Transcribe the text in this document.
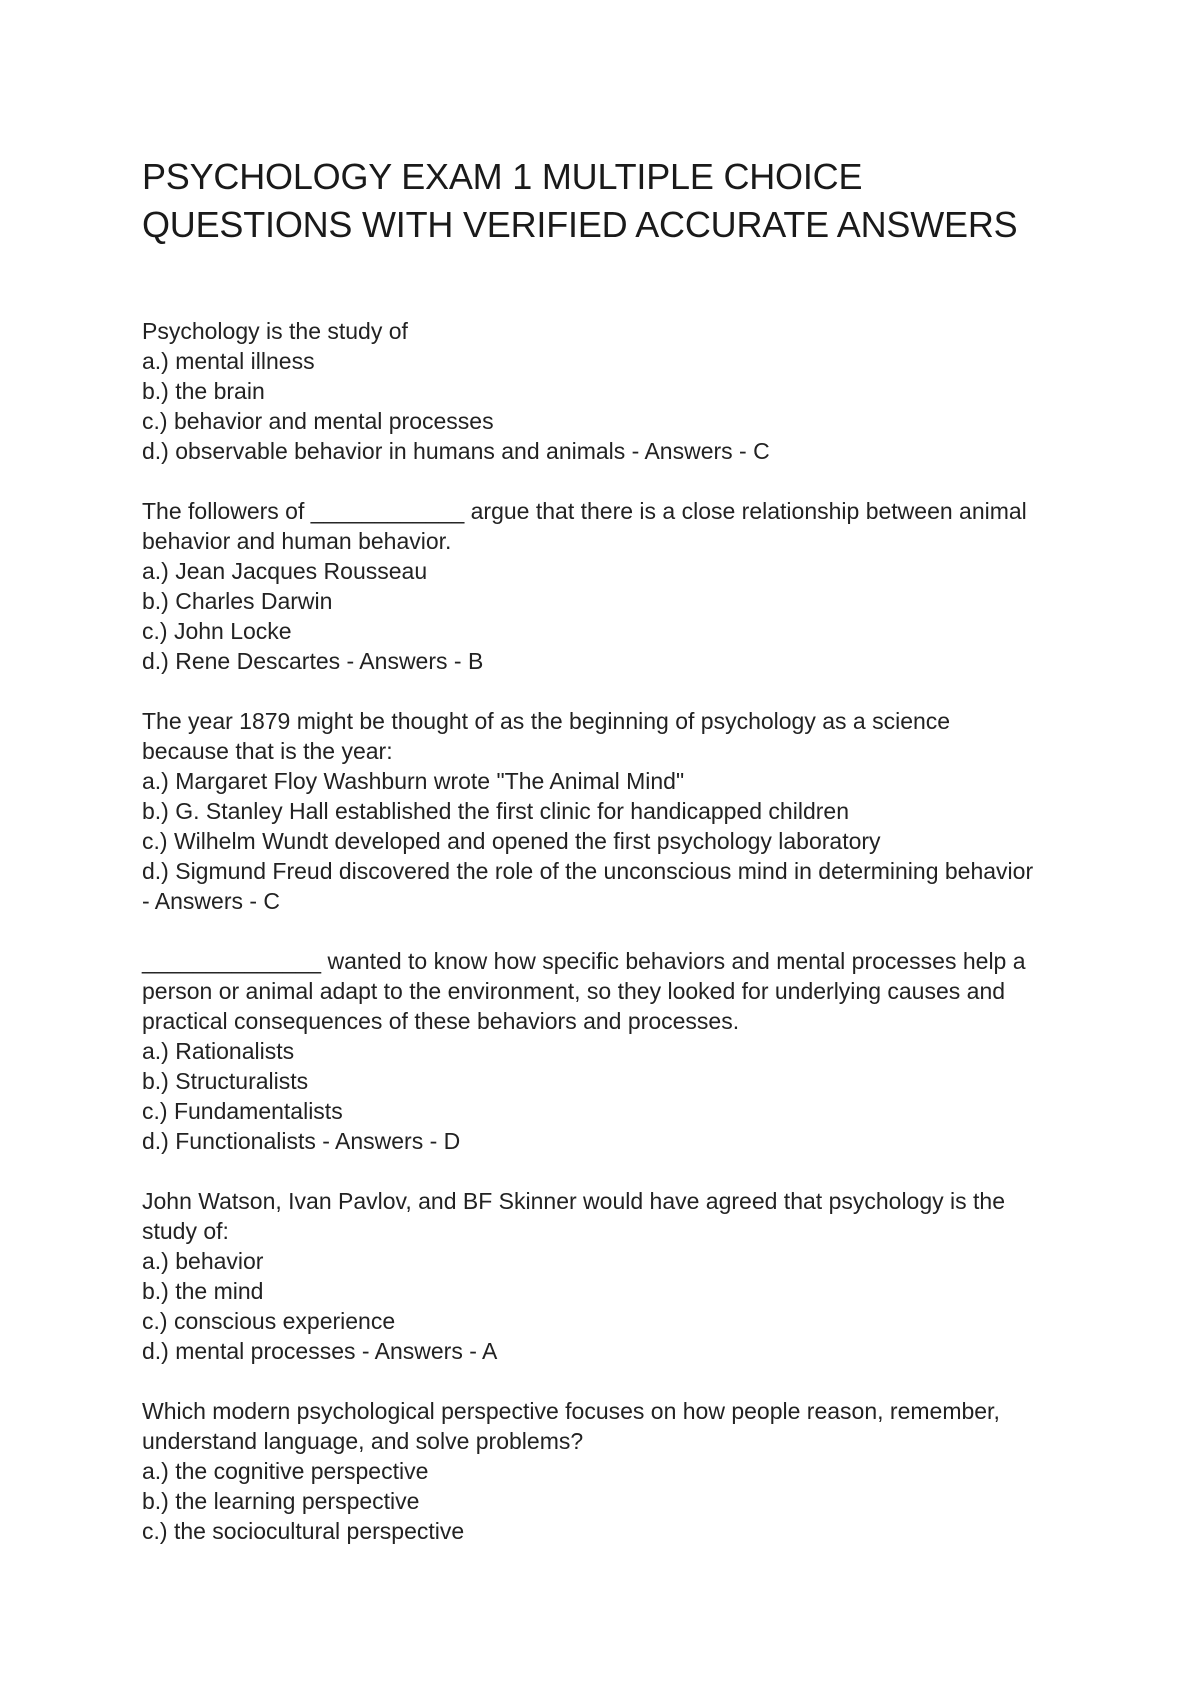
PSYCHOLOGY EXAM 1 MULTIPLE CHOICE
QUESTIONS WITH VERIFIED ACCURATE ANSWERS
Psychology is the study of
a.) mental illness
b.) the brain
c.) behavior and mental processes
d.) observable behavior in humans and animals - Answers - C
The followers of ____________ argue that there is a close relationship between animal
behavior and human behavior.
a.) Jean Jacques Rousseau
b.) Charles Darwin
c.) John Locke
d.) Rene Descartes - Answers - B
The year 1879 might be thought of as the beginning of psychology as a science
because that is the year:
a.) Margaret Floy Washburn wrote "The Animal Mind"
b.) G. Stanley Hall established the first clinic for handicapped children
c.) Wilhelm Wundt developed and opened the first psychology laboratory
d.) Sigmund Freud discovered the role of the unconscious mind in determining behavior
- Answers - C
______________ wanted to know how specific behaviors and mental processes help a
person or animal adapt to the environment, so they looked for underlying causes and
practical consequences of these behaviors and processes.
a.) Rationalists
b.) Structuralists
c.) Fundamentalists
d.) Functionalists - Answers - D
John Watson, Ivan Pavlov, and BF Skinner would have agreed that psychology is the
study of:
a.) behavior
b.) the mind
c.) conscious experience
d.) mental processes - Answers - A
Which modern psychological perspective focuses on how people reason, remember,
understand language, and solve problems?
a.) the cognitive perspective
b.) the learning perspective
c.) the sociocultural perspective
